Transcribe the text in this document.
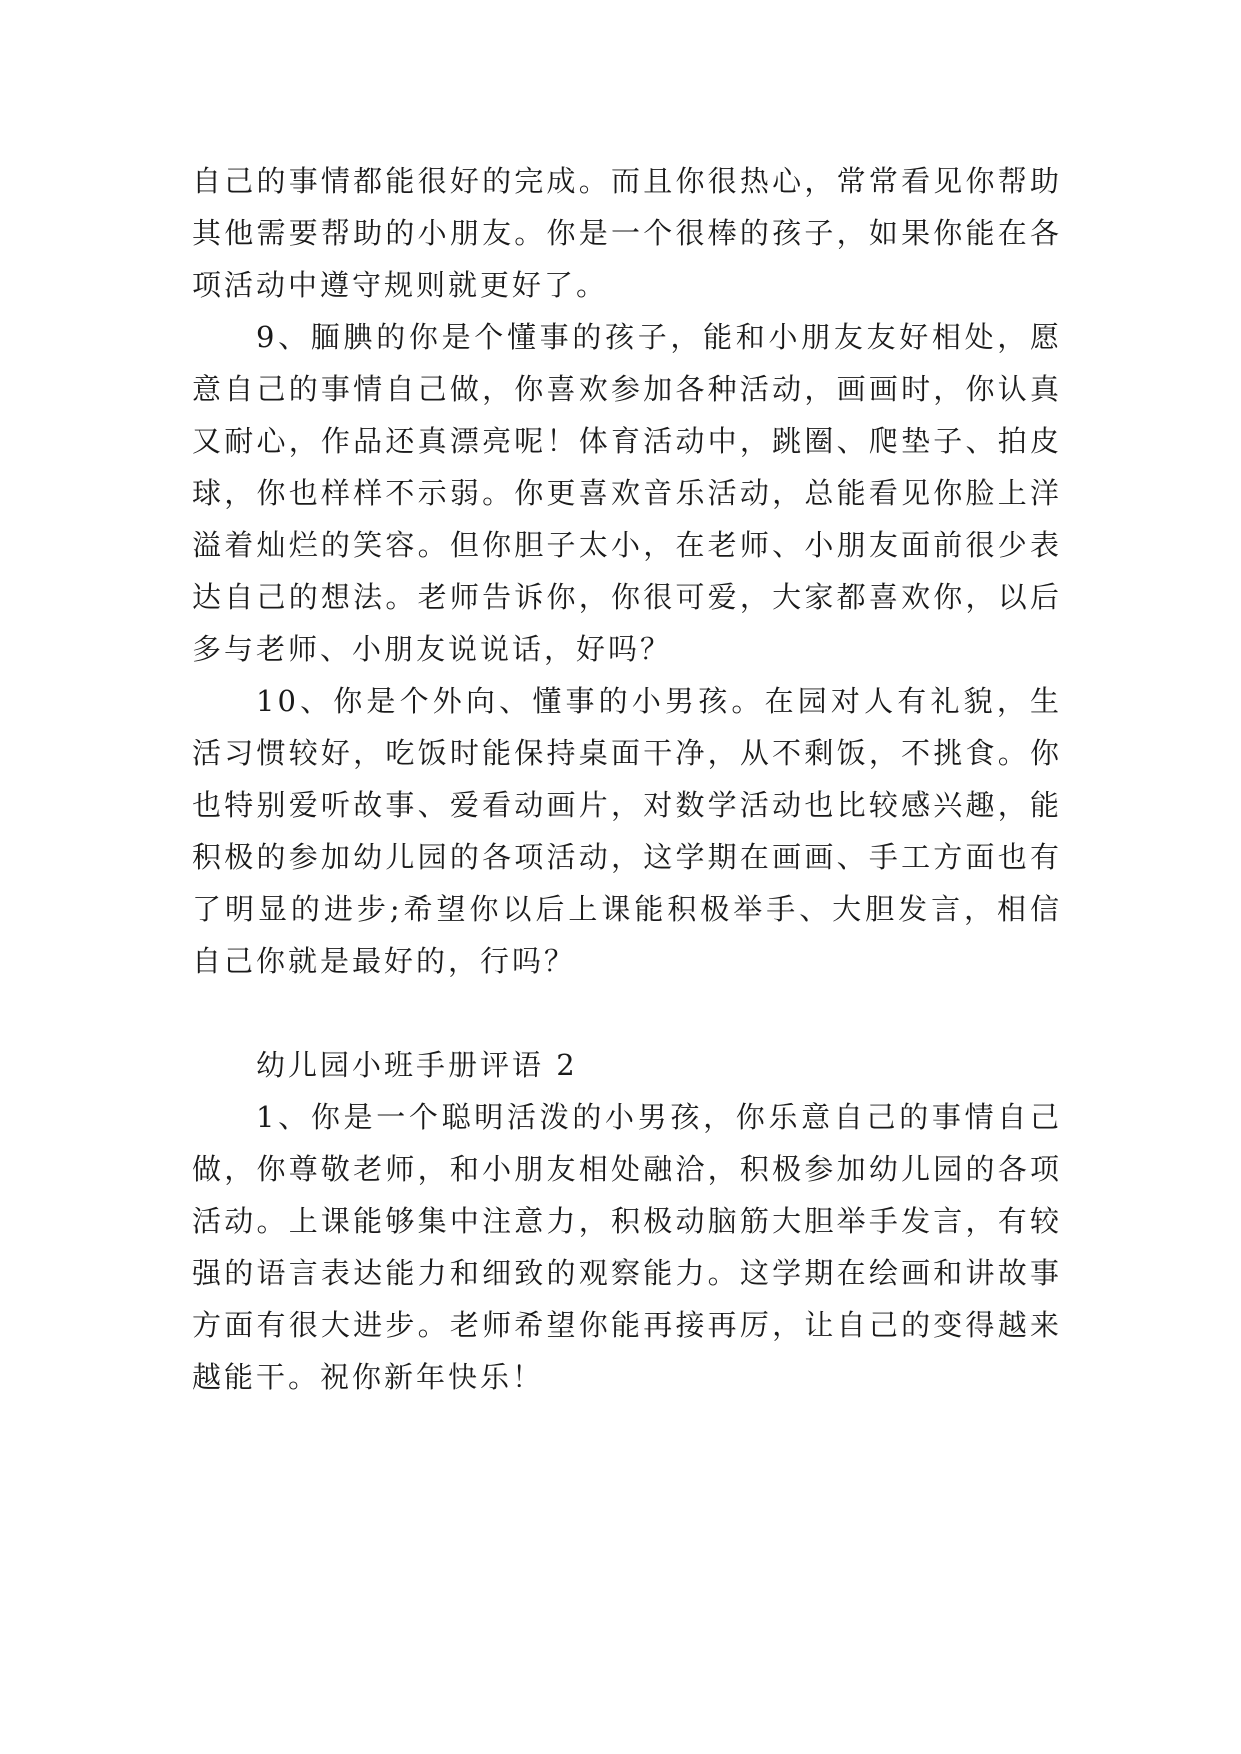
自己的事情都能很好的完成。而且你很热心，常常看见你帮助其他需要帮助的小朋友。你是一个很棒的孩子，如果你能在各项活动中遵守规则就更好了。

9、腼腆的你是个懂事的孩子，能和小朋友友好相处，愿意自己的事情自己做，你喜欢参加各种活动，画画时，你认真又耐心，作品还真漂亮呢！体育活动中，跳圈、爬垫子、拍皮球，你也样样不示弱。你更喜欢音乐活动，总能看见你脸上洋溢着灿烂的笑容。但你胆子太小，在老师、小朋友面前很少表达自己的想法。老师告诉你，你很可爱，大家都喜欢你，以后多与老师、小朋友说说话，好吗？

10、你是个外向、懂事的小男孩。在园对人有礼貌，生活习惯较好，吃饭时能保持桌面干净，从不剩饭，不挑食。你也特别爱听故事、爱看动画片，对数学活动也比较感兴趣，能积极的参加幼儿园的各项活动，这学期在画画、手工方面也有了明显的进步;希望你以后上课能积极举手、大胆发言，相信自己你就是最好的，行吗？

幼儿园小班手册评语 2

1、你是一个聪明活泼的小男孩，你乐意自己的事情自己做，你尊敬老师，和小朋友相处融洽，积极参加幼儿园的各项活动。上课能够集中注意力，积极动脑筋大胆举手发言，有较强的语言表达能力和细致的观察能力。这学期在绘画和讲故事方面有很大进步。老师希望你能再接再厉，让自己的变得越来越能干。祝你新年快乐！
